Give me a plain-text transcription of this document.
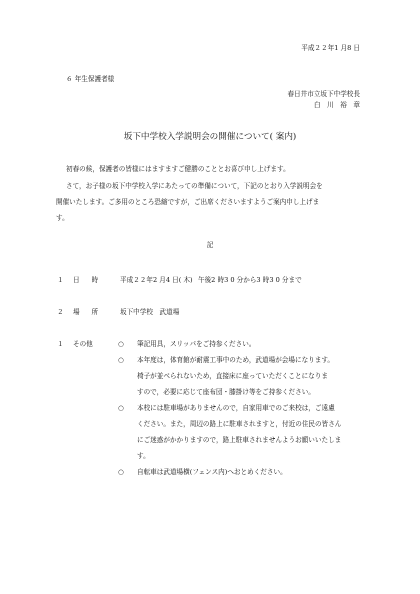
平成２２年1 月8 日
６ 年生保護者様
春日井市立坂下中学校長
白　川　裕　章
坂下中学校入学説明会の開催について( 案内)
初春の候，保護者の皆様にはますますご健勝のこととお喜び申し上げます。
さて，お子様の坂下中学校入学にあたっての準備について，下記のとおり入学説明会を
開催いたします。ご多用のところ恐縮ですが，ご出席くださいますようご案内申し上げま
す。
記
１ 日　時	平成２２年2 月4 日( 木) 午後2 時3 0 分から3 時3 0 分まで
２ 場　所	坂下中学校　武道場
１ その他	○ 筆記用具，スリッパをご持参ください。
○ 本年度は，体育館が耐震工事中のため，武道場が会場になります。
椅子が並べられないため，直接床に座っていただくことになりま
すので，必要に応じて座布団・膝掛け等をご持参ください。
○ 本校には駐車場がありませんので，自家用車でのご来校は，ご遠慮
ください。また，周辺の路上に駐車されますと，付近の住民の皆さん
にご迷惑がかかりますので，路上駐車されませんようお願いいたしま
す。
○ 自転車は武道場横(フェンス内)へおとめください。
